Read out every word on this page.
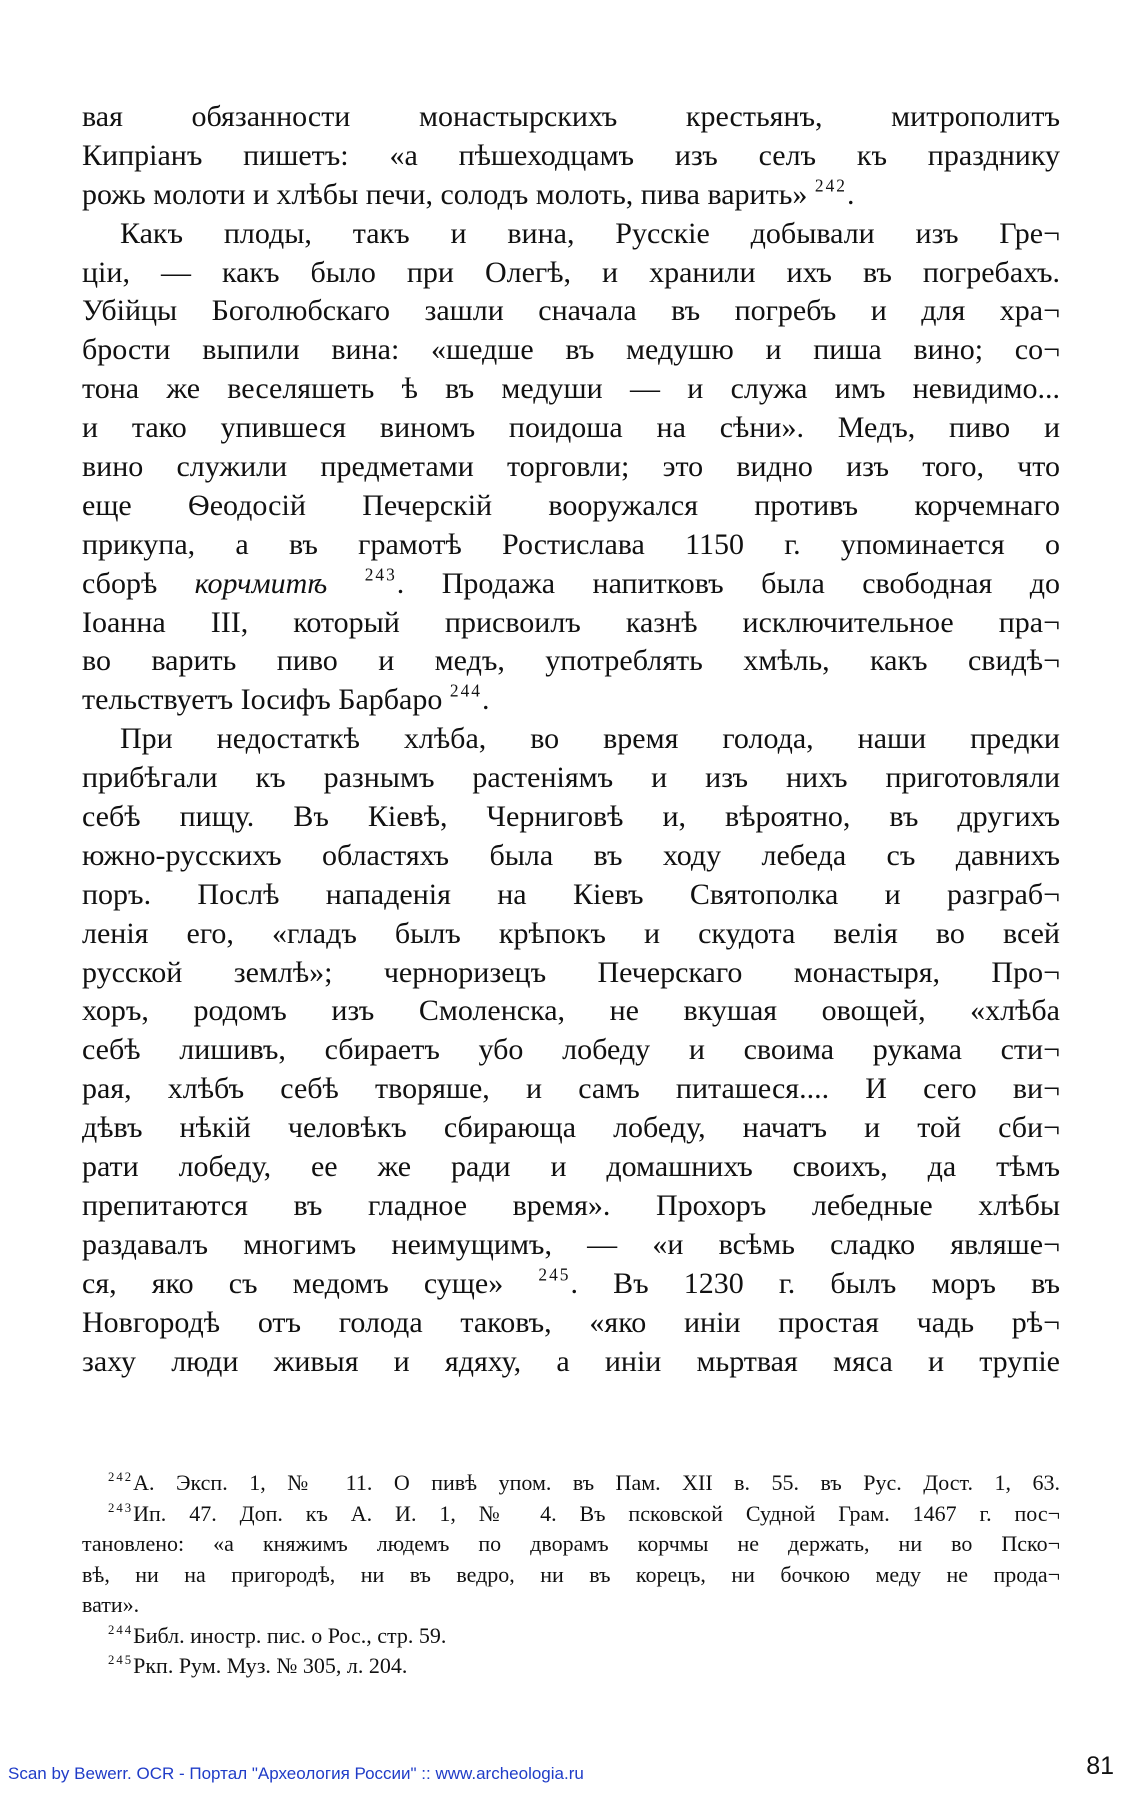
вая обязанности монастырскихъ крестьянъ, митрополитъ
Кипріанъ пишетъ: «а пѣшеходцамъ изъ селъ къ празднику
рожь молоти и хлѣбы печи, солодъ молоть, пива варить» $^{242}$.
Какъ плоды, такъ и вина, Русскіе добывали изъ Гре¬
ціи, — какъ было при Олегѣ, и хранили ихъ въ погребахъ.
Убійцы Боголюбскаго зашли сначала въ погребъ и для хра¬
брости выпили вина: «шедше въ медушю и пиша вино; со¬
тона же веселяшеть ѣ въ медуши — и служа имъ невидимо...
и тако упившеся виномъ поидоша на сѣни». Медъ, пиво и
вино служили предметами торговли; это видно изъ того, что
еще Ѳеодосій Печерскій вооружался противъ корчемнаго
прикупа, а въ грамотѣ Ростислава 1150 г. упоминается о
сборѣ корчмитѣ $^{243}$. Продажа напитковъ была свободная до
Іоанна III, который присвоилъ казнѣ исключительное пра¬
во варить пиво и медъ, употреблять хмѣль, какъ свидѣ¬
тельствуетъ Іосифъ Барбаро $^{244}$.
При недостаткѣ хлѣба, во время голода, наши предки
прибѣгали къ разнымъ растеніямъ и изъ нихъ приготовляли
себѣ пищу. Въ Кіевѣ, Черниговѣ и, вѣроятно, въ другихъ
южно-русскихъ областяхъ была въ ходу лебеда съ давнихъ
поръ. Послѣ нападенія на Кіевъ Святополка и разграб¬
ленія его, «гладъ былъ крѣпокъ и скудота велія во всей
русской землѣ»; черноризецъ Печерскаго монастыря, Про¬
хоръ, родомъ изъ Смоленска, не вкушая овощей, «хлѣба
себѣ лишивъ, сбираетъ убо лобеду и своима рукама сти¬
рая, хлѣбъ себѣ творяше, и самъ питашеся.... И сего ви¬
дѣвъ нѣкій человѣкъ сбирающа лобеду, начатъ и той сби¬
рати лобеду, ее же ради и домашнихъ своихъ, да тѣмъ
препитаются въ гладное время». Прохоръ лебедные хлѣбы
раздавалъ многимъ неимущимъ, — «и всѣмь сладко являше¬
ся, яко съ медомъ суще» $^{245}$. Въ 1230 г. былъ моръ въ
Новгородѣ отъ голода таковъ, «яко иніи простая чадь рѣ¬
заху люди живыя и ядяху, а иніи мьртвая мяса и трупіе
$^{242}$А. Эксп. 1, № 11. О пивѣ упом. въ Пам. XII в. 55. въ Рус. Дост. 1, 63.
$^{243}$Ип. 47. Доп. къ А. И. 1, № 4. Въ псковской Судной Грам. 1467 г. пос¬
тановлено: «а княжимъ людемъ по дворамъ корчмы не держать, ни во Пско¬
вѣ, ни на пригородѣ, ни въ ведро, ни въ корецъ, ни бочкою меду не прода¬
вати».
$^{244}$Библ. иностр. пис. о Рос., стр. 59.
$^{245}$Ркп. Рум. Муз. № 305, л. 204.
Scan by Bewerr. OCR - Портал "Археология России" :: www.archeologia.ru	81
